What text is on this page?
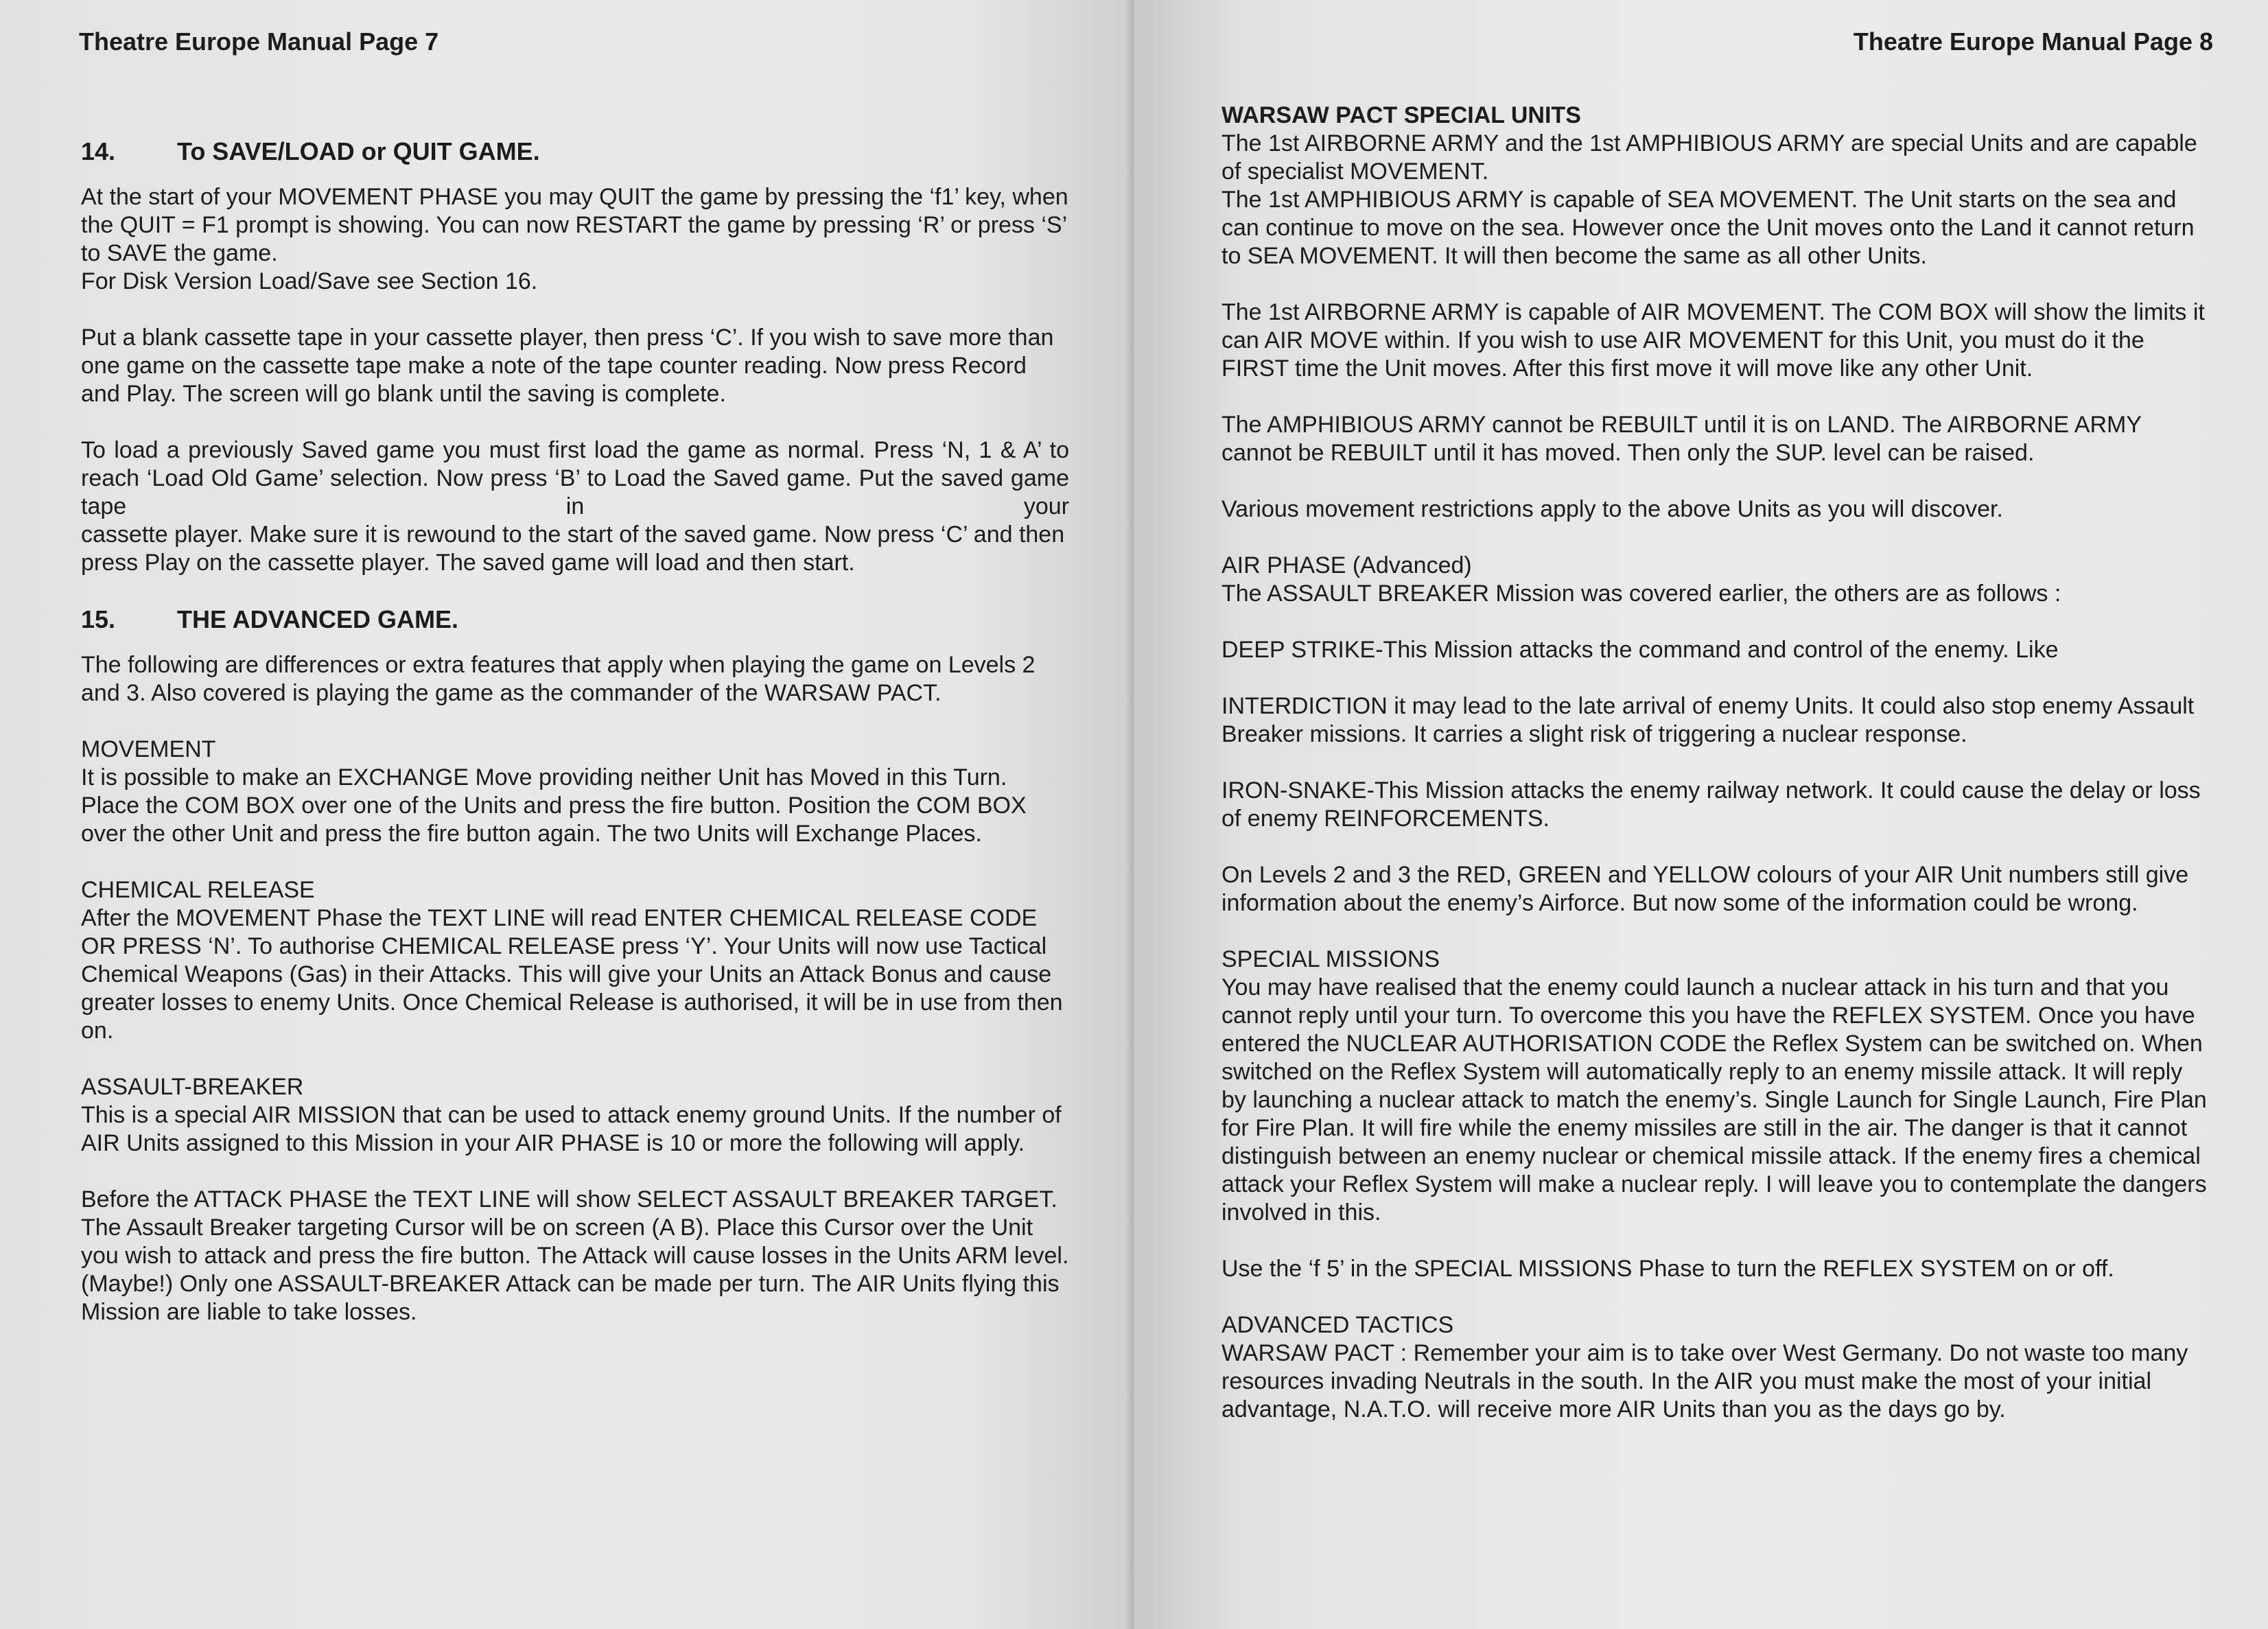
Theatre Europe Manual Page 7
14.	To SAVE/LOAD or QUIT GAME.

At the start of your MOVEMENT PHASE you may QUIT the game by pressing the ‘f1’ key, when the QUIT = F1 prompt is showing. You can now RESTART the game by pressing ‘R’ or press ‘S’ to SAVE the game.

For Disk Version Load/Save see Section 16.

Put a blank cassette tape in your cassette player, then press ‘C’. If you wish to save more than one game on the cassette tape make a note of the tape counter reading. Now press Record and Play. The screen will go blank until the saving is complete.

To load a previously Saved game you must first load the game as normal. Press ‘N, 1 & A’ to reach ‘Load Old Game’ selection. Now press ‘B’ to Load the Saved game. Put the saved game tape in your

cassette player. Make sure it is rewound to the start of the saved game. Now press ‘C’ and then press Play on the cassette player. The saved game will load and then start.

15.	THE ADVANCED GAME.

The following are differences or extra features that apply when playing the game on Levels 2 and 3. Also covered is playing the game as the commander of the WARSAW PACT.

MOVEMENT

It is possible to make an EXCHANGE Move providing neither Unit has Moved in this Turn. Place the COM BOX over one of the Units and press the fire button. Position the COM BOX over the other Unit and press the fire button again. The two Units will Exchange Places.

CHEMICAL RELEASE

After the MOVEMENT Phase the TEXT LINE will read ENTER CHEMICAL RELEASE CODE OR PRESS ‘N’. To authorise CHEMICAL RELEASE press ‘Y’. Your Units will now use Tactical Chemical Weapons (Gas) in their Attacks. This will give your Units an Attack Bonus and cause greater losses to enemy Units. Once Chemical Release is authorised, it will be in use from then on.

ASSAULT-BREAKER

This is a special AIR MISSION that can be used to attack enemy ground Units. If the number of AIR Units assigned to this Mission in your AIR PHASE is 10 or more the following will apply.

Before the ATTACK PHASE the TEXT LINE will show SELECT ASSAULT BREAKER TARGET. The Assault Breaker targeting Cursor will be on screen (A B). Place this Cursor over the Unit you wish to attack and press the fire button. The Attack will cause losses in the Units ARM level. (Maybe!) Only one ASSAULT-BREAKER Attack can be made per turn. The AIR Units flying this Mission are liable to take losses.

Theatre Europe Manual Page 8
WARSAW PACT SPECIAL UNITS

The 1st AIRBORNE ARMY and the 1st AMPHIBIOUS ARMY are special Units and are capable of specialist MOVEMENT.

The 1st AMPHIBIOUS ARMY is capable of SEA MOVEMENT. The Unit starts on the sea and can continue to move on the sea. However once the Unit moves onto the Land it cannot return to SEA MOVEMENT. It will then become the same as all other Units.

The 1st AIRBORNE ARMY is capable of AIR MOVEMENT. The COM BOX will show the limits it can AIR MOVE within. If you wish to use AIR MOVEMENT for this Unit, you must do it the FIRST time the Unit moves. After this first move it will move like any other Unit.

The AMPHIBIOUS ARMY cannot be REBUILT until it is on LAND. The AIRBORNE ARMY cannot be REBUILT until it has moved. Then only the SUP. level can be raised.

Various movement restrictions apply to the above Units as you will discover.

AIR PHASE (Advanced)

The ASSAULT BREAKER Mission was covered earlier, the others are as follows :

DEEP STRIKE-This Mission attacks the command and control of the enemy. Like

INTERDICTION it may lead to the late arrival of enemy Units. It could also stop enemy Assault Breaker missions. It carries a slight risk of triggering a nuclear response.

IRON-SNAKE-This Mission attacks the enemy railway network. It could cause the delay or loss of enemy REINFORCEMENTS.

On Levels 2 and 3 the RED, GREEN and YELLOW colours of your AIR Unit numbers still give information about the enemy’s Airforce. But now some of the information could be wrong.

SPECIAL MISSIONS

You may have realised that the enemy could launch a nuclear attack in his turn and that you cannot reply until your turn. To overcome this you have the REFLEX SYSTEM. Once you have entered the NUCLEAR AUTHORISATION CODE the Reflex System can be switched on. When switched on the Reflex System will automatically reply to an enemy missile attack. It will reply by launching a nuclear attack to match the enemy’s. Single Launch for Single Launch, Fire Plan for Fire Plan. It will fire while the enemy missiles are still in the air. The danger is that it cannot distinguish between an enemy nuclear or chemical missile attack. If the enemy fires a chemical attack your Reflex System will make a nuclear reply. I will leave you to contemplate the dangers involved in this.

Use the ‘f 5’ in the SPECIAL MISSIONS Phase to turn the REFLEX SYSTEM on or off.

ADVANCED TACTICS

WARSAW PACT : Remember your aim is to take over West Germany. Do not waste too many resources invading Neutrals in the south. In the AIR you must make the most of your initial advantage, N.A.T.O. will receive more AIR Units than you as the days go by.
